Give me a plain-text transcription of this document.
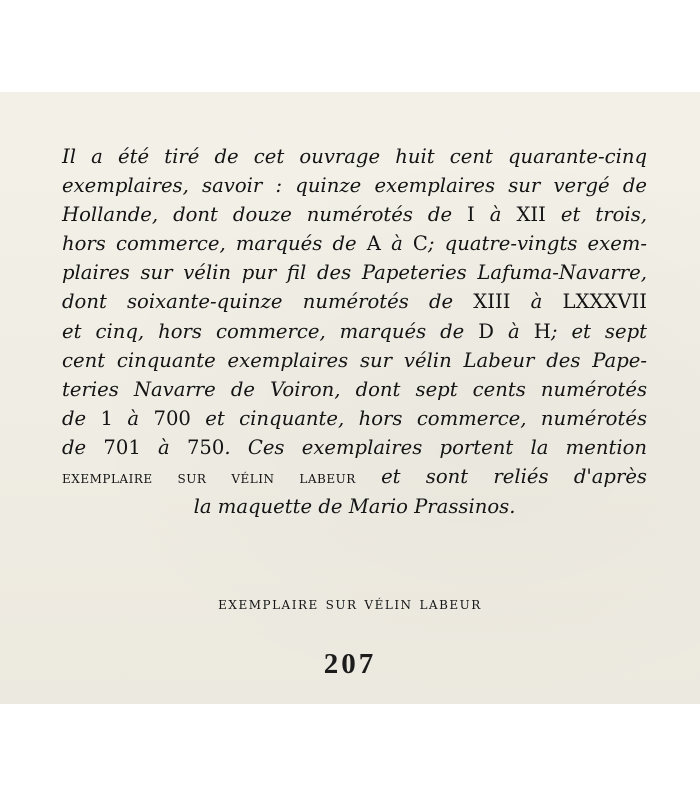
Il a été tiré de cet ouvrage huit cent quarante-cinq
exemplaires, savoir : quinze exemplaires sur vergé de
Hollande, dont douze numérotés de I à XII et trois,
hors commerce, marqués de A à C; quatre-vingts exem-
plaires sur vélin pur fil des Papeteries Lafuma-Navarre,
dont soixante-quinze numérotés de XIII à LXXXVII
et cinq, hors commerce, marqués de D à H; et sept
cent cinquante exemplaires sur vélin Labeur des Pape-
teries Navarre de Voiron, dont sept cents numérotés
de 1 à 700 et cinquante, hors commerce, numérotés
de 701 à 750. Ces exemplaires portent la mention
exemplaire sur vélin labeur et sont reliés d'après
la maquette de Mario Prassinos.
exemplaire sur vélin labeur
207
